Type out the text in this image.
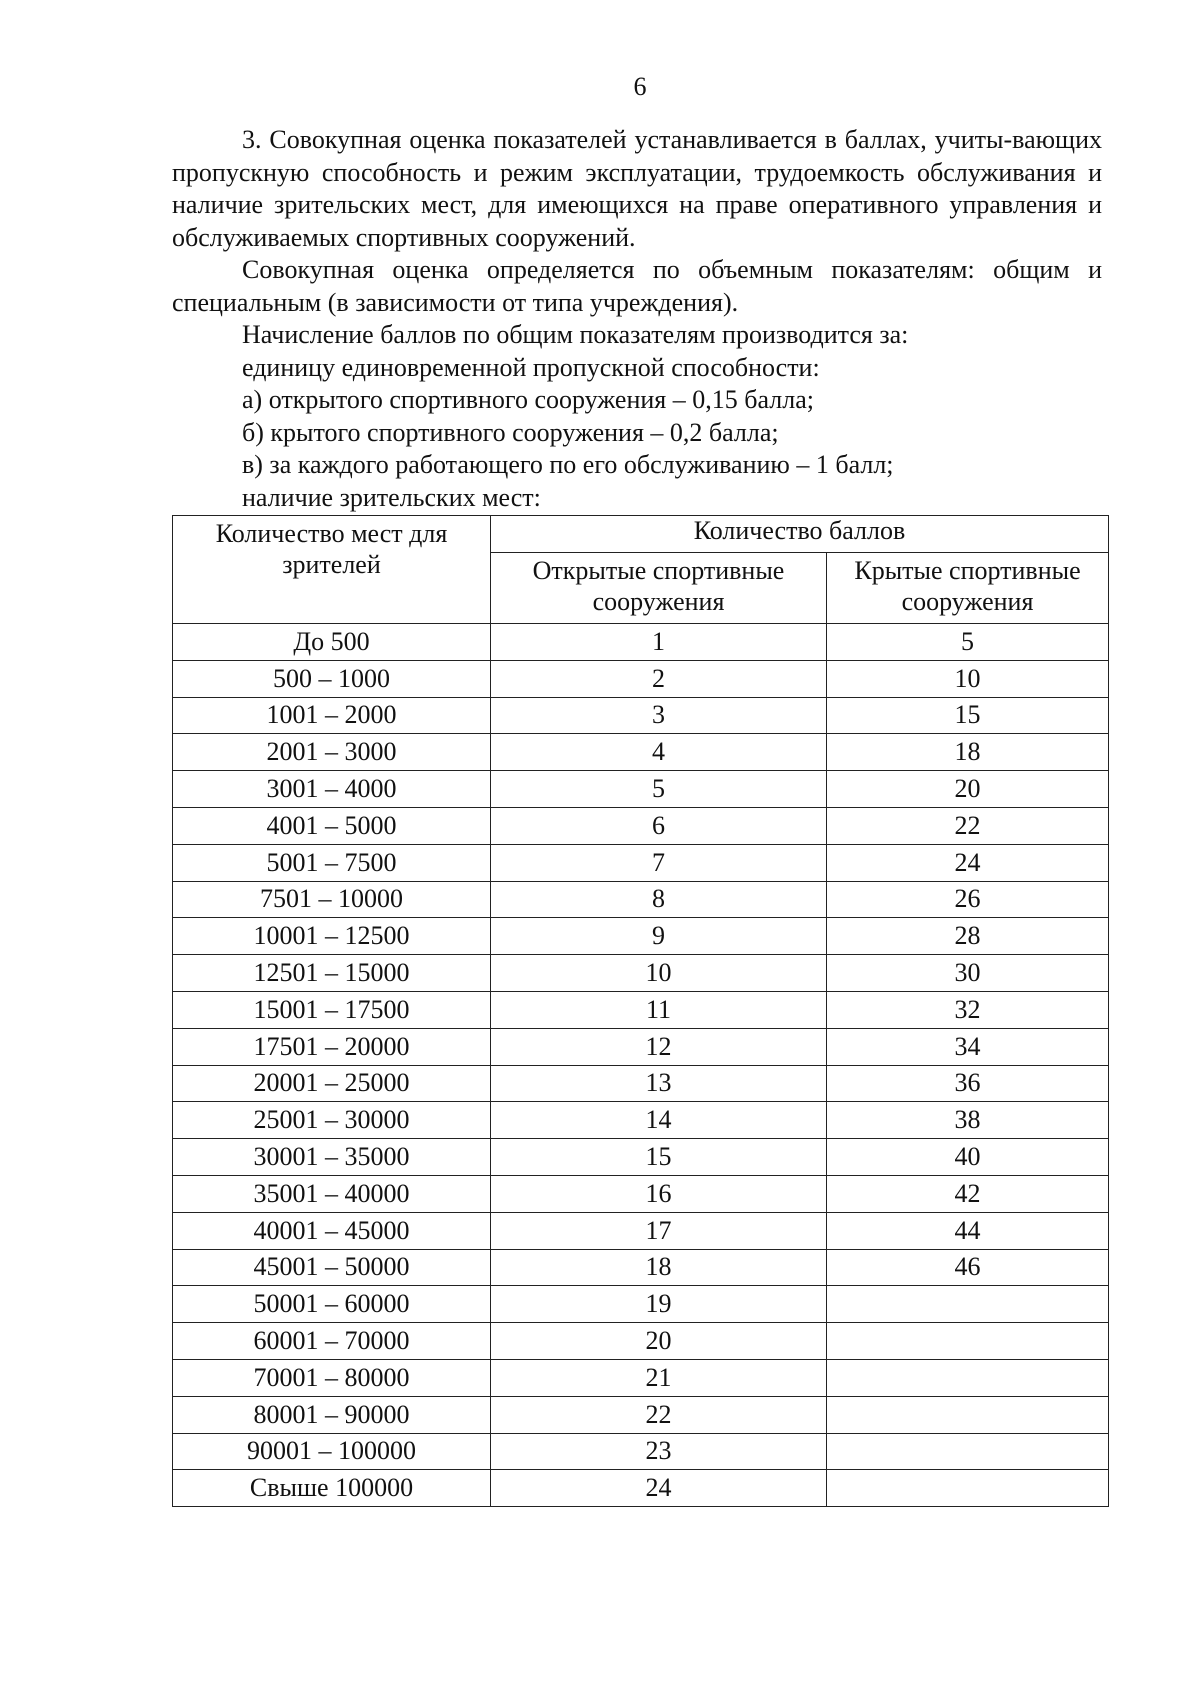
6

3. Совокупная оценка показателей устанавливается в баллах, учиты-вающих пропускную способность и режим эксплуатации, трудоемкость обслуживания и наличие зрительских мест, для имеющихся на праве оперативного управления и обслуживаемых спортивных сооружений.

Совокупная оценка определяется по объемным показателям: общим и специальным (в зависимости от типа учреждения).

Начисление баллов по общим показателям производится за:

единицу единовременной пропускной способности:

а) открытого спортивного сооружения – 0,15 балла;

б) крытого спортивного сооружения – 0,2 балла;

в) за каждого работающего по его обслуживанию – 1 балл;

наличие зрительских мест:

Количество мест для зрителей	Количество баллов	
	Открытые спортивные сооружения	Крытые спортивные сооружения
До 500	1	5
500 – 1000	2	10
1001 – 2000	3	15
2001 – 3000	4	18
3001 – 4000	5	20
4001 – 5000	6	22
5001 – 7500	7	24
7501 – 10000	8	26
10001 – 12500	9	28
12501 – 15000	10	30
15001 – 17500	11	32
17501 – 20000	12	34
20001 – 25000	13	36
25001 – 30000	14	38
30001 – 35000	15	40
35001 – 40000	16	42
40001 – 45000	17	44
45001 – 50000	18	46
50001 – 60000	19	
60001 – 70000	20	
70001 – 80000	21	
80001 – 90000	22	
90001 – 100000	23	
Свыше 100000	24	
